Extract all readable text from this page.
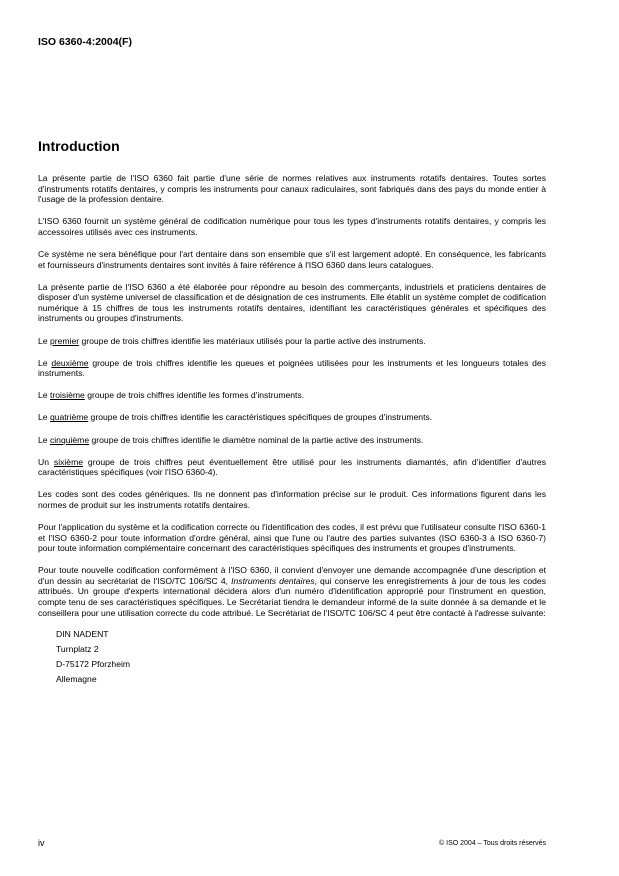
ISO 6360-4:2004(F)
Introduction

La présente partie de l'ISO 6360 fait partie d'une série de normes relatives aux instruments rotatifs dentaires. Toutes sortes d'instruments rotatifs dentaires, y compris les instruments pour canaux radiculaires, sont fabriqués dans des pays du monde entier à l'usage de la profession dentaire.

L'ISO 6360 fournit un système général de codification numérique pour tous les types d'instruments rotatifs dentaires, y compris les accessoires utilisés avec ces instruments.

Ce système ne sera bénéfique pour l'art dentaire dans son ensemble que s'il est largement adopté. En conséquence, les fabricants et fournisseurs d'instruments dentaires sont invités à faire référence à l'ISO 6360 dans leurs catalogues.

La présente partie de l'ISO 6360 a été élaborée pour répondre au besoin des commerçants, industriels et praticiens dentaires de disposer d'un système universel de classification et de désignation de ces instruments. Elle établit un système complet de codification numérique à 15 chiffres de tous les instruments rotatifs dentaires, identifiant les caractéristiques générales et spécifiques des instruments ou groupes d'instruments.

Le premier groupe de trois chiffres identifie les matériaux utilisés pour la partie active des instruments.

Le deuxième groupe de trois chiffres identifie les queues et poignées utilisées pour les instruments et les longueurs totales des instruments.

Le troisième groupe de trois chiffres identifie les formes d'instruments.

Le quatrième groupe de trois chiffres identifie les caractéristiques spécifiques de groupes d'instruments.

Le cinquième groupe de trois chiffres identifie le diamètre nominal de la partie active des instruments.

Un sixième groupe de trois chiffres peut éventuellement être utilisé pour les instruments diamantés, afin d'identifier d'autres caractéristiques spécifiques (voir l'ISO 6360-4).

Les codes sont des codes génériques. Ils ne donnent pas d'information précise sur le produit. Ces informations figurent dans les normes de produit sur les instruments rotatifs dentaires.

Pour l'application du système et la codification correcte ou l'identification des codes, il est prévu que l'utilisateur consulte l'ISO 6360-1 et l'ISO 6360-2 pour toute information d'ordre général, ainsi que l'une ou l'autre des parties suivantes (ISO 6360-3 à ISO 6360-7) pour toute information complémentaire concernant des caractéristiques spécifiques des instruments et groupes d'instruments.

Pour toute nouvelle codification conformément à l'ISO 6360, il convient d'envoyer une demande accompagnée d'une description et d'un dessin au secrétariat de l'ISO/TC 106/SC 4, Instruments dentaires, qui conserve les enregistrements à jour de tous les codes attribués. Un groupe d'experts international décidera alors d'un numéro d'identification approprié pour l'instrument en question, compte tenu de ses caractéristiques spécifiques. Le Secrétariat tiendra le demandeur informé de la suite donnée à sa demande et le conseillera pour une utilisation correcte du code attribué. Le Secrétariat de l'ISO/TC 106/SC 4 peut être contacté à l'adresse suivante:

DIN NADENT
Turnplatz 2
D-75172 Pforzheim
Allemagne
iv	© ISO 2004 – Tous droits réservés
